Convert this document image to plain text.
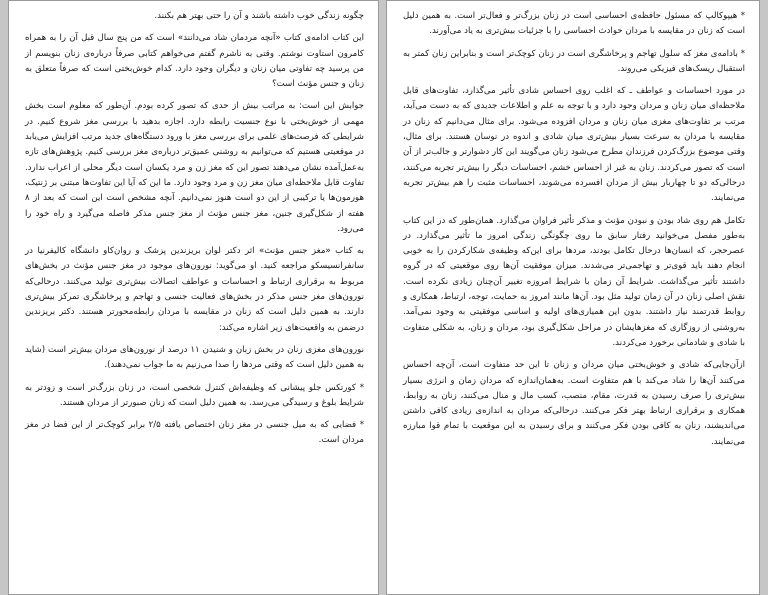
چگونه زندگی خوب داشته باشند و آن را حتی بهتر هم بکنند.

این کتاب ادامه‌ی کتاب «آنچه مردمان شاد می‌دانند» است که من پنج سال قبل آن را به همراه کامرون استاوت نوشتم. وقتی به ناشرم گفتم می‌خواهم کتابی صرفاً درباره‌ی زنان بنویسم از من پرسید چه تفاوتی میان زنان و دیگران وجود دارد. کدام خوش‌بختی است که صرفاً متعلق به زنان و جنس مؤنث است؟

جوابش این است: به مراتب بیش از حدی که تصور کرده بودم. آن‌طور که معلوم است بخش مهمی از خوش‌بختی با نوع جنسیت رابطه دارد. اجازه بدهید با بررسی مغز شروع کنیم. در شرایطی که فرصت‌های علمی برای بررسی مغز با ورود دستگاه‌های جدید مرتب افزایش می‌یابد در موقعیتی هستیم که می‌توانیم به روشنی عمیق‌تر درباره‌ی مغز بررسی کنیم. پژوهش‌های تازه به‌عمل‌آمده نشان می‌دهند تصور این که مغز زن و مرد یکسان است دیگر محلی از اعراب ندارد. تفاوت قابل ملاحظه‌ای میان مغز زن و مرد وجود دارد. ما این که آیا این تفاوت‌ها مبتنی بر ژنتیک، هورمون‌ها یا ترکیبی از این دو است هنوز نمی‌دانیم. آنچه مشخص است این است که بعد از ۸ هفته از شکل‌گیری جنین، مغز جنس مؤنث از مغز جنس مذکر فاصله می‌گیرد و راه خود را می‌رود.

به کتاب «مغز جنس مؤنث» اثر دکتر لوان بریزندین پزشک و روان‌کاو دانشگاه کالیفرنیا در سانفرانسیسکو مراجعه کنید. او می‌گوید: نورون‌های موجود در مغز جنس مؤنث در بخش‌های مربوط به برقراری ارتباط و احساسات و عواطف اتصالات بیش‌تری تولید می‌کنند. درحالی‌که نورون‌های مغز جنس مذکر در بخش‌های فعالیت جنسی و تهاجم و پرخاشگری تمرکز بیش‌تری دارند. به همین دلیل است که زنان در مقایسه با مردان رابطه‌محورتر هستند. دکتر بریزندین درضمن به واقعیت‌های زیر اشاره می‌کند:

نورون‌های مغزی زنان در بخش زبان و شنیدن ۱۱ درصد از نورون‌های مردان بیش‌تر است (شاید به همین دلیل است که وقتی مردها را صدا می‌زنیم به ما جواب نمی‌دهند).

* کورتکس جلو پیشانی که وظیفه‌اش کنترل شخصی است، در زنان بزرگ‌تر است و زودتر به شرایط بلوغ و رسیدگی می‌رسد. به همین دلیل است که زنان صبورتر از مردان هستند.

* فضایی که به میل جنسی در مغز زنان اختصاص یافته ۲/۵ برابر کوچک‌تر از این فضا در مغز مردان است.

* هیپوکالپ که مسئول حافظه‌ی احساسی است در زنان بزرگ‌تر و فعال‌تر است. به همین دلیل است که زنان در مقایسه با مردان حوادث احساسی را با جزئیات بیش‌تری به یاد می‌آورند.

* بادامه‌ی مغز که سلول تهاجم و پرخاشگری است در زنان کوچک‌تر است و بنابراین زنان کمتر به استقبال ریسک‌های فیزیکی می‌روند.

در مورد احساسات و عواطف ـ که اغلب روی احساس شادی تأثیر می‌گذارد، تفاوت‌های قابل ملاحظه‌ای میان زنان و مردان وجود دارد و با توجه به علم و اطلاعات جدیدی که به دست می‌آید، مرتب بر تفاوت‌های مغزی میان زنان و مردان افزوده می‌شود. برای مثال می‌دانیم که زنان در مقایسه با مردان به سرعت بسیار بیش‌تری میان شادی و اندوه در نوسان هستند. برای مثال، وقتی موضوع بزرگ‌کردن فرزندان مطرح می‌شود زنان می‌گویند این کار دشوارتر و جالب‌تر از آن است که تصور می‌کردند. زنان به غیر از احساس خشم، احساسات دیگر را بیش‌تر تجربه می‌کنند، درحالی‌که دو تا چهاربار بیش از مردان افسرده می‌شوند، احساسات مثبت را هم بیش‌تر تجربه می‌نمایند.

تکامل هم روی شاد بودن و نبودن مؤنث و مذکر تأثیر فراوان می‌گذارد. همان‌طور که در این کتاب به‌طور مفصل می‌خوانید رفتار سابق ما روی چگونگی زندگی امروز ما تأثیر می‌گذارد. در عصرحجر، که انسان‌ها درحال تکامل بودند، مردها برای این‌که وظیفه‌ی شکارکردن را به خوبی انجام دهند باید قوی‌تر و تهاجمی‌تر می‌شدند. میزان موفقیت آن‌ها روی موقعیتی که در گروه داشتند تأثیر می‌گذاشت. شرایط آن زمان با شرایط امروزه تغییر آن‌چنان زیادی نکرده است. نقش اصلی زنان در آن زمان تولید مثل بود. آن‌ها مانند امروز به حمایت، توجه، ارتباط، همکاری و روابط قدرتمند نیاز داشتند. بدون این همیاری‌های اولیه و اساسی موفقیتی به وجود نمی‌آمد. به‌روشنی از روزگاری که مغزهایشان در مراحل شکل‌گیری بود، مردان و زنان، به شکلی متفاوت با شادی و شادمانی برخورد می‌کردند.

ازآن‌جایی‌که شادی و خوش‌بختی میان مردان و زنان تا این حد متفاوت است، آن‌چه احساس می‌کنند آن‌ها را شاد می‌کند با هم متفاوت است. به‌همان‌اندازه که مردان زمان و انرژی بسیار بیش‌تری را صرف رسیدن به قدرت، مقام، منصب، کسب مال و منال می‌کنند، زنان به روابط، همکاری و برقراری ارتباط بهتر فکر می‌کنند. درحالی‌که مردان به اندازه‌ی زیادی کافی داشتن می‌اندیشند، زنان به کافی بودن فکر می‌کنند و برای رسیدن به این موقعیت با تمام قوا مبارزه می‌نمایند.
